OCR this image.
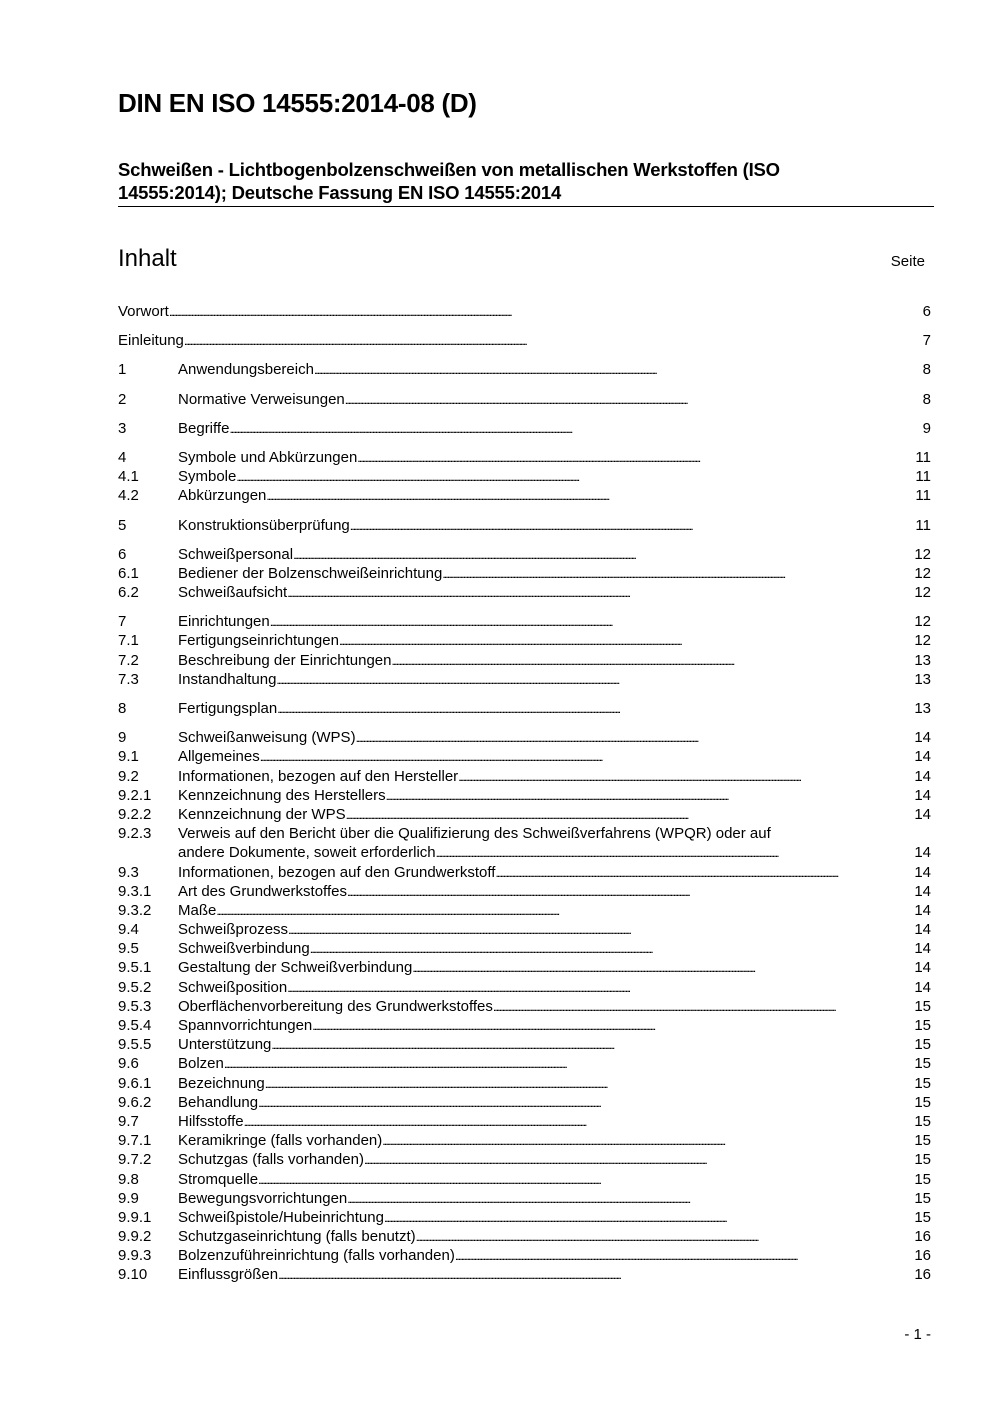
DIN EN ISO 14555:2014-08 (D)
Schweißen - Lichtbogenbolzenschweißen von metallischen Werkstoffen (ISO
14555:2014); Deutsche Fassung EN ISO 14555:2014
Inhalt	Seite
Vorwort . . .	6
Einleitung . . .	7
1	Anwendungsbereich . . .	8
2	Normative Verweisungen . . .	8
3	Begriffe . . .	9
4	Symbole und Abkürzungen . . .	11
4.1	Symbole . . .	11
4.2	Abkürzungen . . .	11
5	Konstruktionsüberprüfung . . .	11
6	Schweißpersonal . . .	12
6.1	Bediener der Bolzenschweißeinrichtung . . .	12
6.2	Schweißaufsicht . . .	12
7	Einrichtungen . . .	12
7.1	Fertigungseinrichtungen . . .	12
7.2	Beschreibung der Einrichtungen . . .	13
7.3	Instandhaltung . . .	13
8	Fertigungsplan . . .	13
9	Schweißanweisung (WPS) . . .	14
9.1	Allgemeines . . .	14
9.2	Informationen, bezogen auf den Hersteller . . .	14
9.2.1	Kennzeichnung des Herstellers . . .	14
9.2.2	Kennzeichnung der WPS . . .	14
9.2.3	Verweis auf den Bericht über die Qualifizierung des Schweißverfahrens (WPQR) oder auf
andere Dokumente, soweit erforderlich . . .	14
9.3	Informationen, bezogen auf den Grundwerkstoff . . .	14
9.3.1	Art des Grundwerkstoffes . . .	14
9.3.2	Maße . . .	14
9.4	Schweißprozess . . .	14
9.5	Schweißverbindung . . .	14
9.5.1	Gestaltung der Schweißverbindung . . .	14
9.5.2	Schweißposition . . .	14
9.5.3	Oberflächenvorbereitung des Grundwerkstoffes . . .	15
9.5.4	Spannvorrichtungen . . .	15
9.5.5	Unterstützung . . .	15
9.6	Bolzen . . .	15
9.6.1	Bezeichnung . . .	15
9.6.2	Behandlung . . .	15
9.7	Hilfsstoffe . . .	15
9.7.1	Keramikringe (falls vorhanden) . . .	15
9.7.2	Schutzgas (falls vorhanden) . . .	15
9.8	Stromquelle . . .	15
9.9	Bewegungsvorrichtungen . . .	15
9.9.1	Schweißpistole/Hubeinrichtung . . .	15
9.9.2	Schutzgaseinrichtung (falls benutzt) . . .	16
9.9.3	Bolzenzuführeinrichtung (falls vorhanden) . . .	16
9.10	Einflussgrößen . . .	16
- 1 -
